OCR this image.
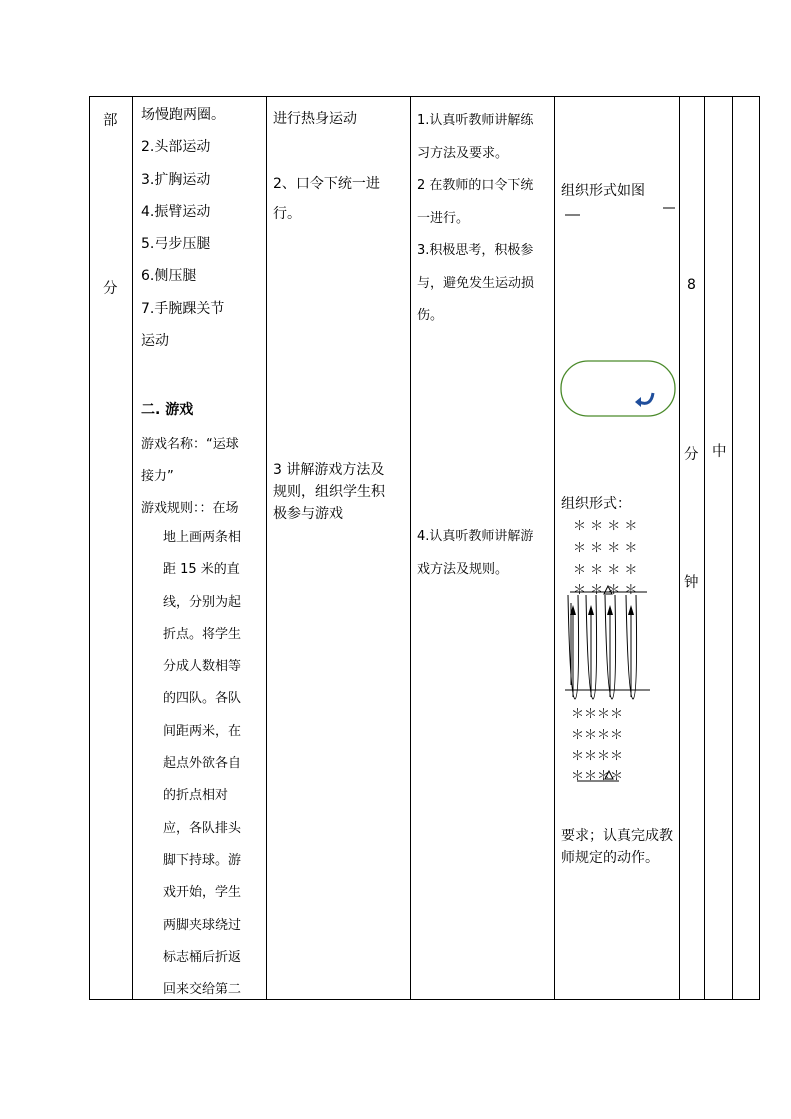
部
分

场慢跑两圈。
2.头部运动
3.扩胸运动
4.振臂运动
5.弓步压腿
6.侧压腿
7.手腕踝关节
运动
二. 游戏
游戏名称：“运球
接力”
游戏规则：：在场
地上画两条相
距 15 米的直
线，分别为起
折点。将学生
分成人数相等
的四队。各队
间距两米，在
起点外欲各自
的折点相对
应，各队排头
脚下持球。游
戏开始，学生
两脚夹球绕过
标志桶后折返
回来交给第二

进行热身运动
2、口令下统一进
行。
3 讲解游戏方法及
规则，组织学生积
极参与游戏

1.认真听教师讲解练
习方法及要求。
2 在教师的口令下统
一进行。
3.积极思考，积极参
与，避免发生运动损
伤。
4.认真听教师讲解游
戏方法及规则。

组织形式如图
组织形式：
＊ ＊ ＊ ＊
＊ ＊ ＊ ＊
＊ ＊ ＊ ＊
＊ ＊ ＊ ＊
＊＊＊＊
＊＊＊＊
＊＊＊＊
＊＊＊＊
要求；认真完成教
师规定的动作。

8
分
钟

中
